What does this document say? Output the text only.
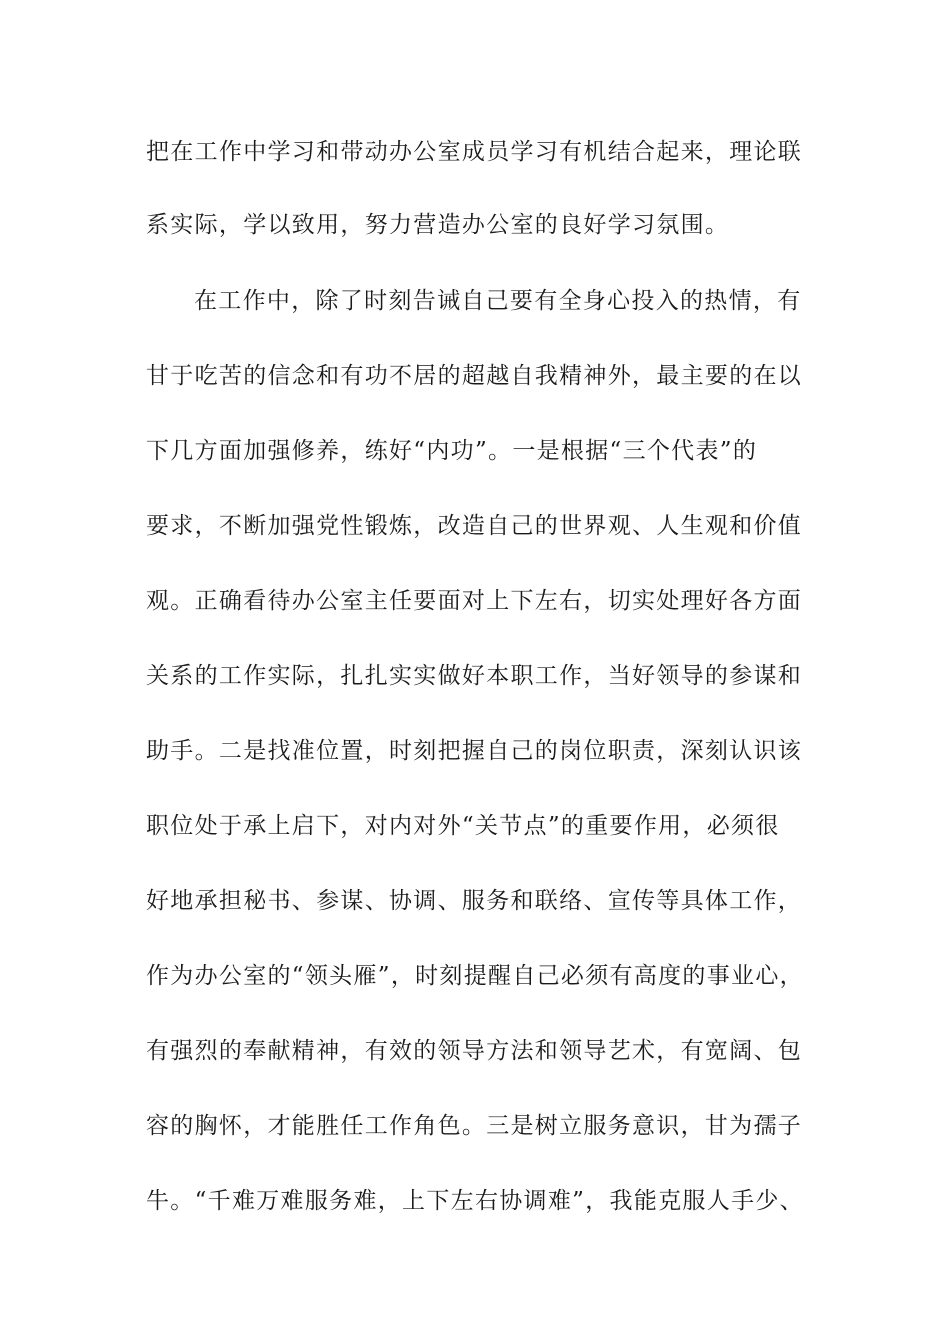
把在工作中学习和带动办公室成员学习有机结合起来，理论联
系实际，学以致用，努力营造办公室的良好学习氛围。
在工作中，除了时刻告诫自己要有全身心投入的热情，有
甘于吃苦的信念和有功不居的超越自我精神外，最主要的在以
下几方面加强修养，练好“内功”。一是根据“三个代表”的
要求，不断加强党性锻炼，改造自己的世界观、人生观和价值
观。正确看待办公室主任要面对上下左右，切实处理好各方面
关系的工作实际，扎扎实实做好本职工作，当好领导的参谋和
助手。二是找准位置，时刻把握自己的岗位职责，深刻认识该
职位处于承上启下，对内对外“关节点”的重要作用，必须很
好地承担秘书、参谋、协调、服务和联络、宣传等具体工作，
作为办公室的“领头雁”，时刻提醒自己必须有高度的事业心，
有强烈的奉献精神，有效的领导方法和领导艺术，有宽阔、包
容的胸怀，才能胜任工作角色。三是树立服务意识，甘为孺子
牛。“千难万难服务难，上下左右协调难”，我能克服人手少、
